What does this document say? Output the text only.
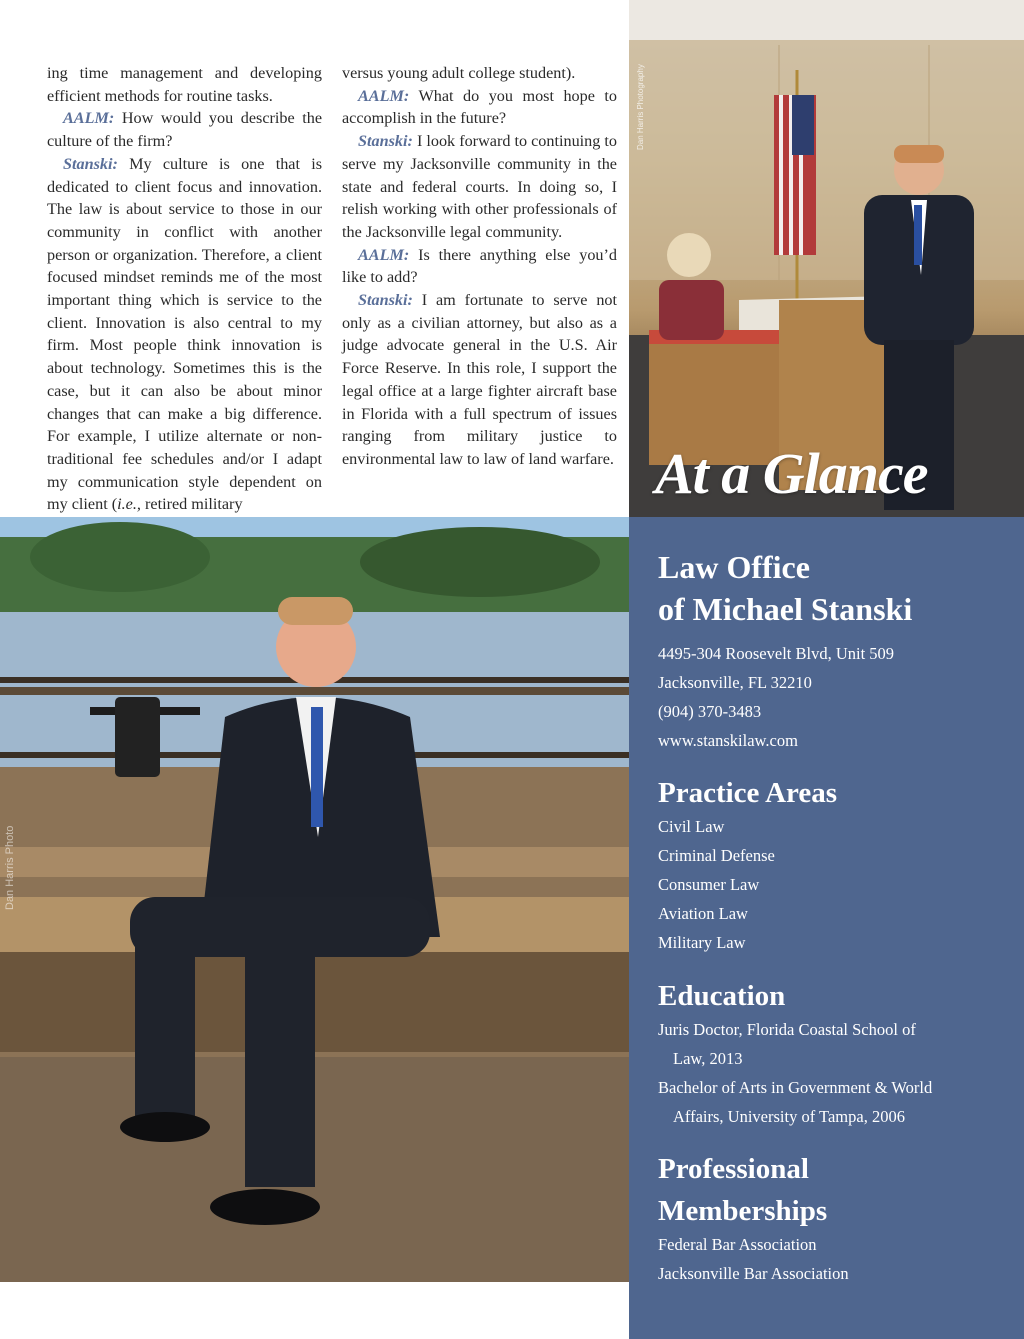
ing time management and developing efficient methods for routine tasks.

AALM: How would you describe the culture of the firm?

Stanski: My culture is one that is dedicated to client focus and innovation. The law is about service to those in our community in conflict with another person or organization. Therefore, a client focused mindset reminds me of the most important thing which is service to the client. Innovation is also central to my firm. Most people think innovation is about technology. Sometimes this is the case, but it can also be about minor changes that can make a big difference. For example, I utilize alternate or non-traditional fee schedules and/or I adapt my communication style dependent on my client (i.e., retired military

versus young adult college student).

AALM: What do you most hope to accomplish in the future?

Stanski: I look forward to continuing to serve my Jacksonville community in the state and federal courts. In doing so, I relish working with other professionals of the Jacksonville legal community.

AALM: Is there anything else you’d like to add?

Stanski: I am fortunate to serve not only as a civilian attorney, but also as a judge advocate general in the U.S. Air Force Reserve. In this role, I support the legal office at a large fighter aircraft base in Florida with a full spectrum of issues ranging from military justice to environmental law to law of land warfare.

Dan Harris Photography
At a Glance
Dan Harris Photo
Law Office
of Michael Stanski
4495-304 Roosevelt Blvd, Unit 509
Jacksonville, FL 32210
(904) 370-3483
www.stanskilaw.com
Practice Areas
Civil Law
Criminal Defense
Consumer Law
Aviation Law
Military Law
Education
Juris Doctor, Florida Coastal School of
Law, 2013
Bachelor of Arts in Government & World
Affairs, University of Tampa, 2006
Professional
Memberships
Federal Bar Association
Jacksonville Bar Association
